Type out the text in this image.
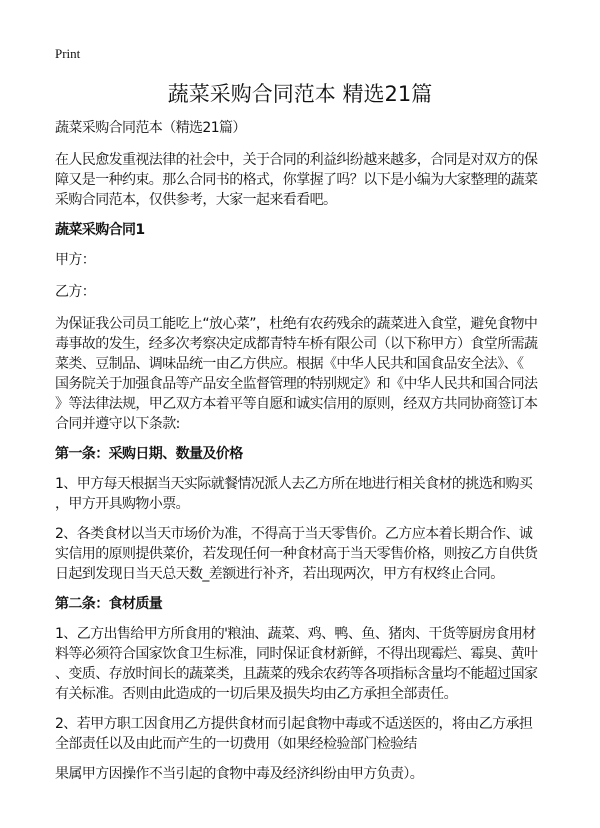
Print
蔬菜采购合同范本 精选21篇

蔬菜采购合同范本（精选21篇）

在人民愈发重视法律的社会中，关于合同的利益纠纷越来越多，合同是对双方的保
障又是一种约束。那么合同书的格式，你掌握了吗？以下是小编为大家整理的蔬菜
采购合同范本，仅供参考，大家一起来看看吧。

蔬菜采购合同1

甲方：

乙方：

为保证我公司员工能吃上“放心菜”，杜绝有农药残余的蔬菜进入食堂，避免食物中
毒事故的发生，经多次考察决定成都青特车桥有限公司（以下称甲方）食堂所需蔬
菜类、豆制品、调味品统一由乙方供应。根据《中华人民共和国食品安全法》、《
国务院关于加强食品等产品安全监督管理的特别规定》和《中华人民共和国合同法
》等法律法规，甲乙双方本着平等自愿和诚实信用的原则，经双方共同协商签订本
合同并遵守以下条款:

第一条：采购日期、数量及价格

1、甲方每天根据当天实际就餐情况派人去乙方所在地进行相关食材的挑选和购买
，甲方开具购物小票。

2、各类食材以当天市场价为准，不得高于当天零售价。乙方应本着长期合作、诚
实信用的原则提供菜价，若发现任何一种食材高于当天零售价格，则按乙方自供货
日起到发现日当天总天数_差额进行补齐，若出现两次，甲方有权终止合同。

第二条：食材质量

1、乙方出售给甲方所食用的'粮油、蔬菜、鸡、鸭、鱼、猪肉、干货等厨房食用材
料等必须符合国家饮食卫生标准，同时保证食材新鲜，不得出现霉烂、霉臭、黄叶
、变质、存放时间长的蔬菜类，且蔬菜的残余农药等各项指标含量均不能超过国家
有关标准。否则由此造成的一切后果及损失均由乙方承担全部责任。

2、若甲方职工因食用乙方提供食材而引起食物中毒或不适送医的，将由乙方承担
全部责任以及由此而产生的一切费用（如果经检验部门检验结

果属甲方因操作不当引起的食物中毒及经济纠纷由甲方负责）。
